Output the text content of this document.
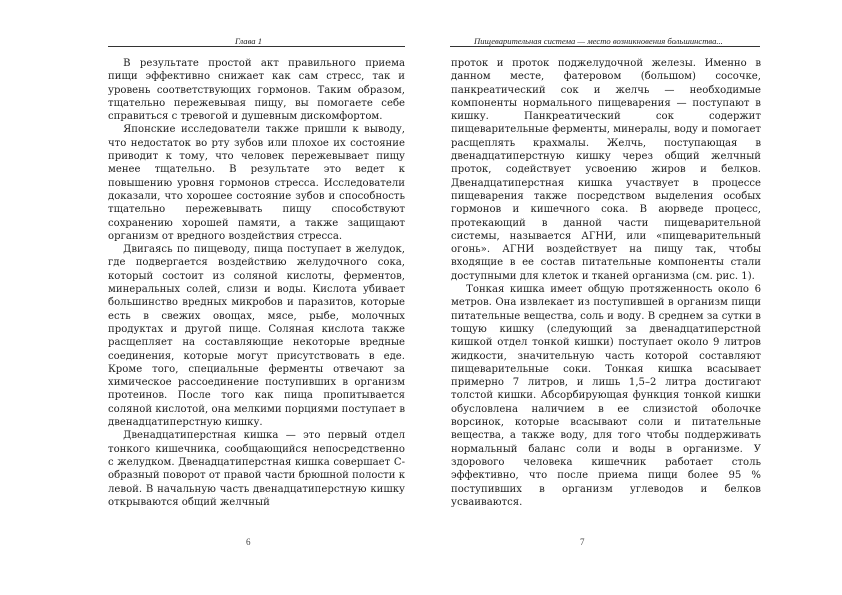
Глава 1

В результате простой акт правильного приема пищи эффективно снижает как сам стресс, так и уровень соответствующих гормонов. Таким образом, тщательно пережевывая пищу, вы помогаете себе справиться с тревогой и душевным дискомфортом.

Японские исследователи также пришли к выводу, что недостаток во рту зубов или плохое их состояние приводит к тому, что человек пережевывает пищу менее тщательно. В результате это ведет к повышению уровня гормонов стресса. Исследователи доказали, что хорошее состояние зубов и способность тщательно пережевывать пищу способствуют сохранению хорошей памяти, а также защищают организм от вредного воздействия стресса.

Двигаясь по пищеводу, пища поступает в желудок, где подвергается воздействию желудочного сока, который состоит из соляной кислоты, ферментов, минеральных солей, слизи и воды. Кислота убивает большинство вредных микробов и паразитов, которые есть в свежих овощах, мясе, рыбе, молочных продуктах и другой пище. Соляная кислота также расщепляет на составляющие некоторые вредные соединения, которые могут присутствовать в еде. Кроме того, специальные ферменты отвечают за химическое рассоединение поступивших в организм протеинов. После того как пища пропитывается соляной кислотой, она мелкими порциями поступает в двенадцатиперстную кишку.

Двенадцатиперстная кишка — это первый отдел тонкого кишечника, сообщающийся непосредственно с желудком. Двенадцатиперстная кишка совершает С-образный поворот от правой части брюшной полости к левой. В начальную часть двенадцатиперстную кишку открываются общий желчный

6
Пищеварительная система — место возникновения большинства...

проток и проток поджелудочной железы. Именно в данном месте, фатеровом (большом) сосочке, панкреатический сок и желчь — необходимые компоненты нормального пищеварения — поступают в кишку. Панкреатический сок содержит пищеварительные ферменты, минералы, воду и помогает расщеплять крахмалы. Желчь, поступающая в двенадцатиперстную кишку через общий желчный проток, содействует усвоению жиров и белков. Двенадцатиперстная кишка участвует в процессе пищеварения также посредством выделения особых гормонов и кишечного сока. В аюрведе процесс, протекающий в данной части пищеварительной системы, называется АГНИ, или «пищеварительный огонь». АГНИ воздействует на пищу так, чтобы входящие в ее состав питательные компоненты стали доступными для клеток и тканей организма (см. рис. 1).

Тонкая кишка имеет общую протяженность около 6 метров. Она извлекает из поступившей в организм пищи питательные вещества, соль и воду. В среднем за сутки в тощую кишку (следующий за двенадцатиперстной кишкой отдел тонкой кишки) поступает около 9 литров жидкости, значительную часть которой составляют пищеварительные соки. Тонкая кишка всасывает примерно 7 литров, и лишь 1,5–2 литра достигают толстой кишки. Абсорбирующая функция тонкой кишки обусловлена наличием в ее слизистой оболочке ворсинок, которые всасывают соли и питательные вещества, а также воду, для того чтобы поддерживать нормальный баланс соли и воды в организме. У здорового человека кишечник работает столь эффективно, что после приема пищи более 95 % поступивших в организм углеводов и белков усваиваются.

7
